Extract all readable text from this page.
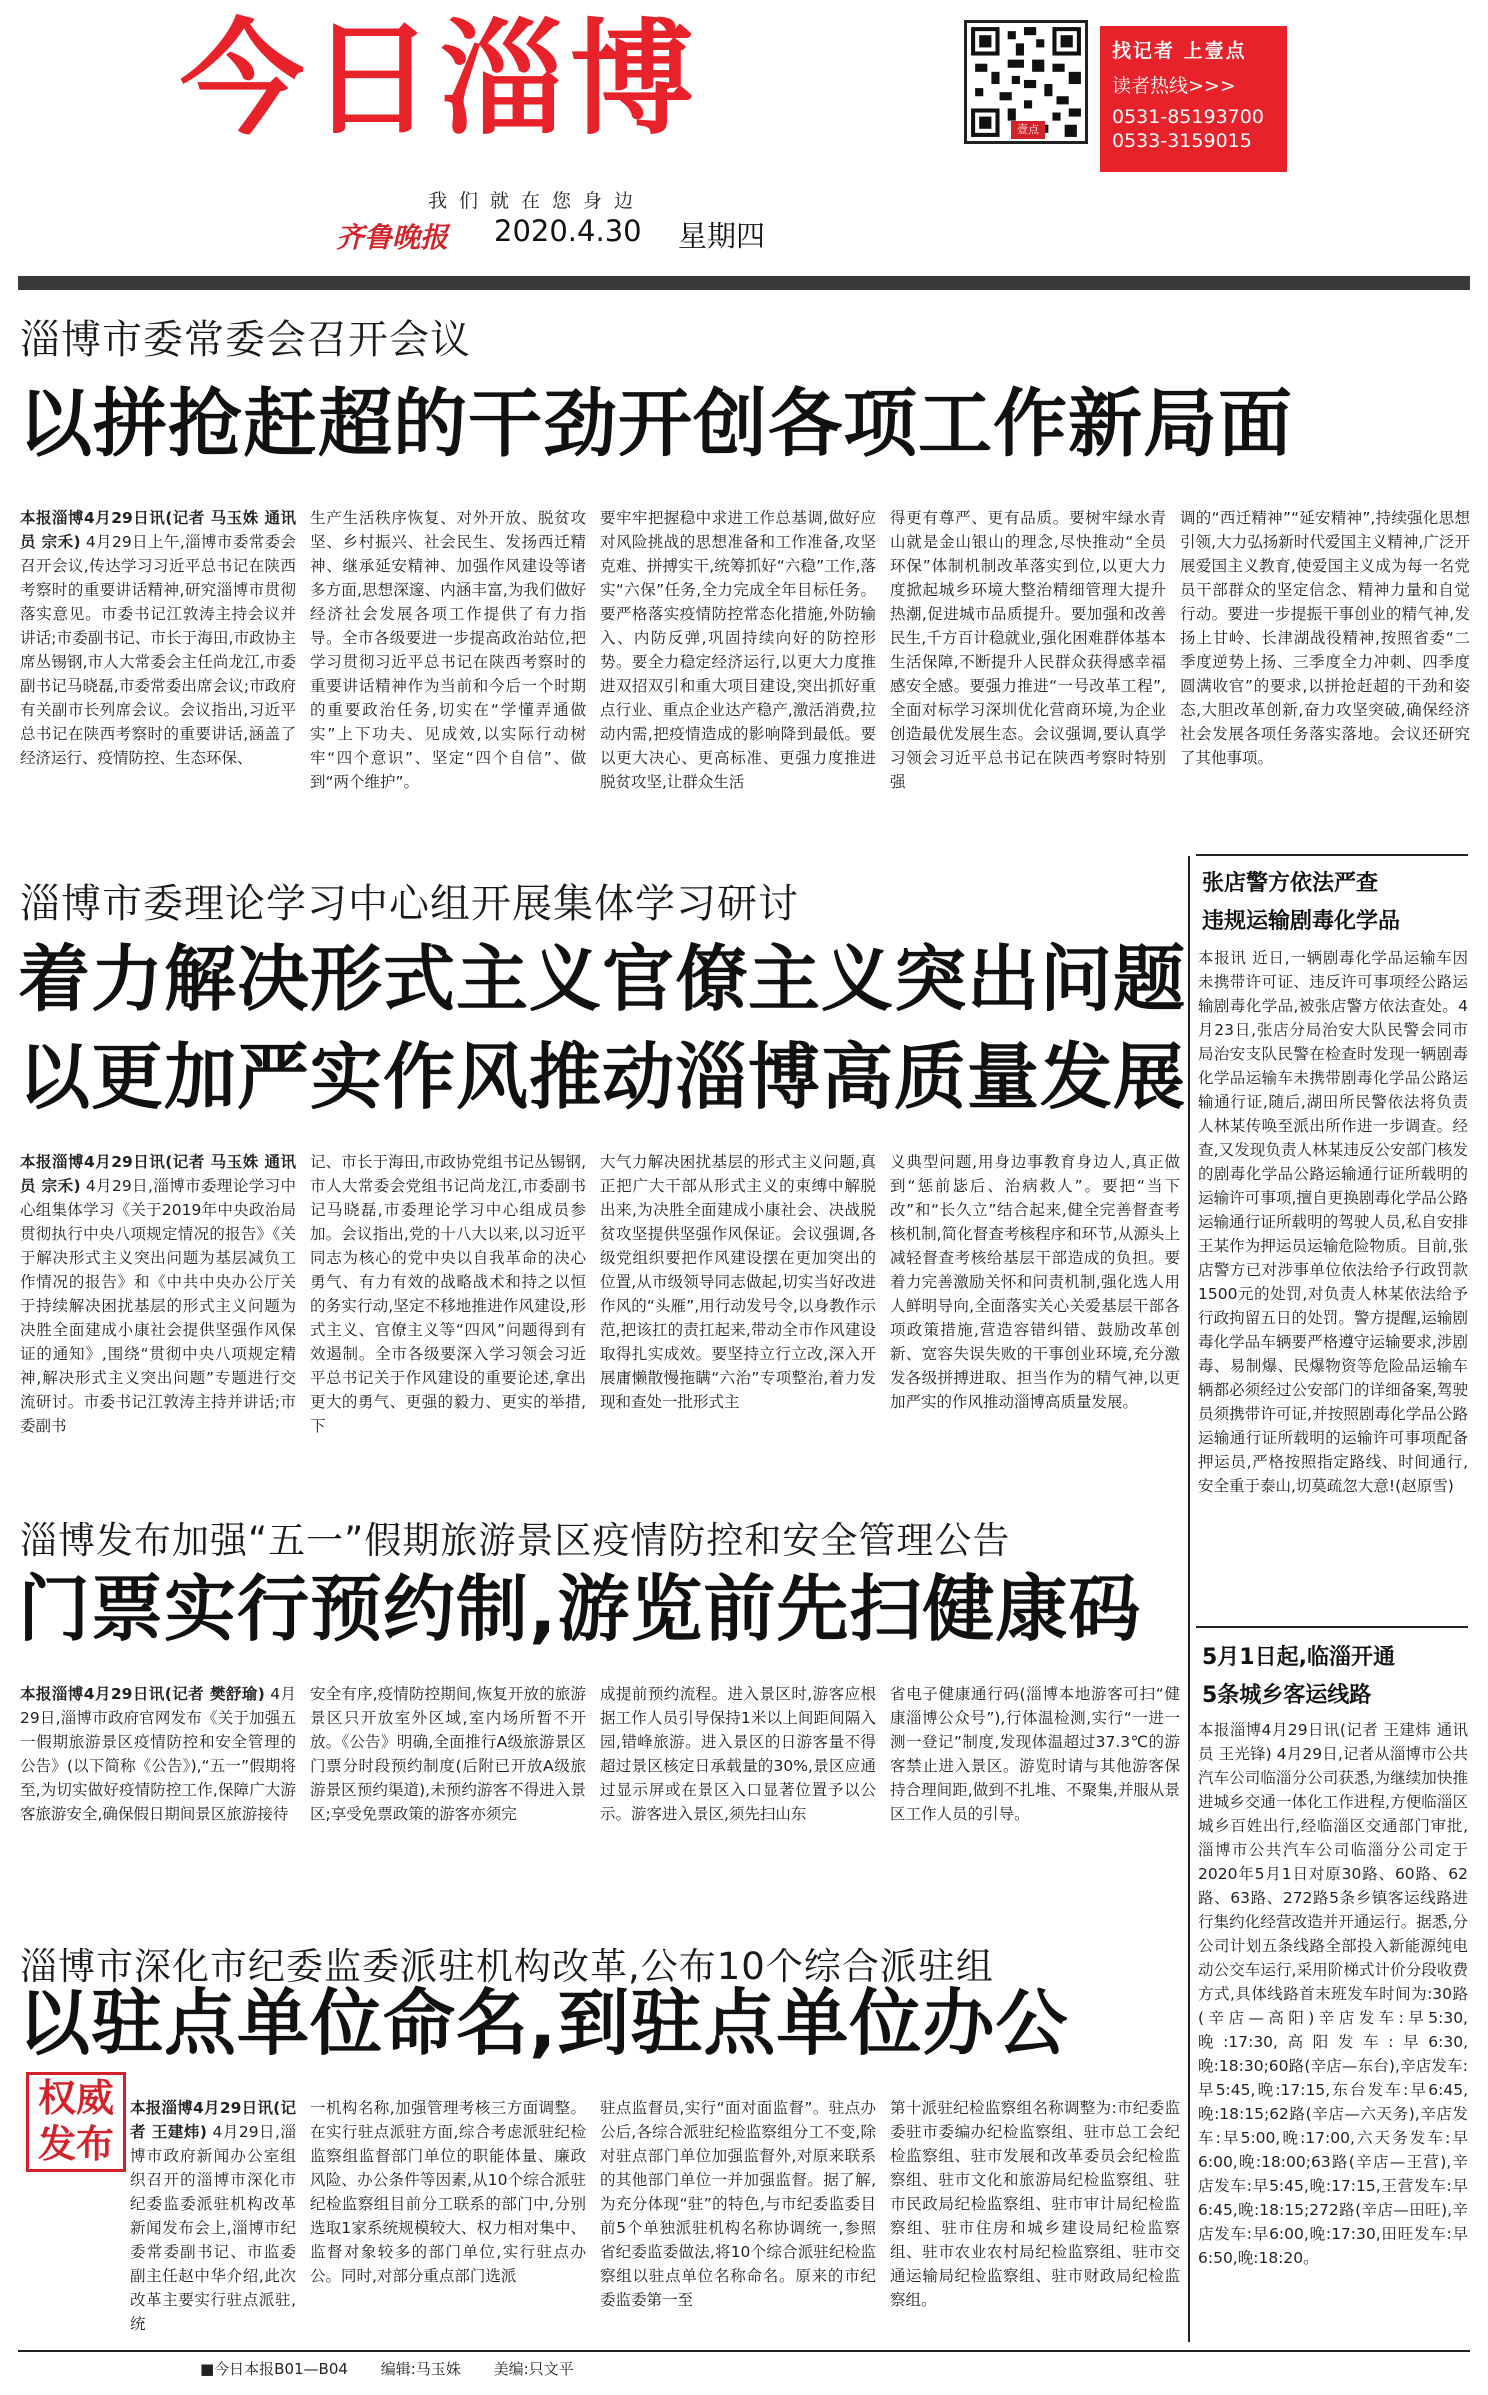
今日淄博
我们就在您身边
齐鲁晚报 2020.4.30 星期四
壹点
找记者 上壹点
读者热线>>>
0531-85193700
0533-3159015
淄博市委常委会召开会议
以拼抢赶超的干劲开创各项工作新局面
本报淄博4月29日讯(记者 马玉姝 通讯员 宗禾) 4月29日上午,淄博市委常委会召开会议,传达学习习近平总书记在陕西考察时的重要讲话精神,研究淄博市贯彻落实意见。市委书记江敦涛主持会议并讲话;市委副书记、市长于海田,市政协主席丛锡钢,市人大常委会主任尚龙江,市委副书记马晓磊,市委常委出席会议;市政府有关副市长列席会议。会议指出,习近平总书记在陕西考察时的重要讲话,涵盖了经济运行、疫情防控、生态环保、
生产生活秩序恢复、对外开放、脱贫攻坚、乡村振兴、社会民生、发扬西迁精神、继承延安精神、加强作风建设等诸多方面,思想深邃、内涵丰富,为我们做好经济社会发展各项工作提供了有力指导。全市各级要进一步提高政治站位,把学习贯彻习近平总书记在陕西考察时的重要讲话精神作为当前和今后一个时期的重要政治任务,切实在“学懂弄通做实”上下功夫、见成效,以实际行动树牢“四个意识”、坚定“四个自信”、做到“两个维护”。
要牢牢把握稳中求进工作总基调,做好应对风险挑战的思想准备和工作准备,攻坚克难、拼搏实干,统筹抓好“六稳”工作,落实“六保”任务,全力完成全年目标任务。要严格落实疫情防控常态化措施,外防输入、内防反弹,巩固持续向好的防控形势。要全力稳定经济运行,以更大力度推进双招双引和重大项目建设,突出抓好重点行业、重点企业达产稳产,激活消费,拉动内需,把疫情造成的影响降到最低。要以更大决心、更高标准、更强力度推进脱贫攻坚,让群众生活
得更有尊严、更有品质。要树牢绿水青山就是金山银山的理念,尽快推动“全员环保”体制机制改革落实到位,以更大力度掀起城乡环境大整治精细管理大提升热潮,促进城市品质提升。要加强和改善民生,千方百计稳就业,强化困难群体基本生活保障,不断提升人民群众获得感幸福感安全感。要强力推进“一号改革工程”,全面对标学习深圳优化营商环境,为企业创造最优发展生态。会议强调,要认真学习领会习近平总书记在陕西考察时特别强
调的“西迁精神”“延安精神”,持续强化思想引领,大力弘扬新时代爱国主义精神,广泛开展爱国主义教育,使爱国主义成为每一名党员干部群众的坚定信念、精神力量和自觉行动。要进一步提振干事创业的精气神,发扬上甘岭、长津湖战役精神,按照省委“二季度逆势上扬、三季度全力冲刺、四季度圆满收官”的要求,以拼抢赶超的干劲和姿态,大胆改革创新,奋力攻坚突破,确保经济社会发展各项任务落实落地。会议还研究了其他事项。
淄博市委理论学习中心组开展集体学习研讨
着力解决形式主义官僚主义突出问题
以更加严实作风推动淄博高质量发展
本报淄博4月29日讯(记者 马玉姝 通讯员 宗禾) 4月29日,淄博市委理论学习中心组集体学习《关于2019年中央政治局贯彻执行中央八项规定情况的报告》《关于解决形式主义突出问题为基层减负工作情况的报告》和《中共中央办公厅关于持续解决困扰基层的形式主义问题为决胜全面建成小康社会提供坚强作风保证的通知》,围绕“贯彻中央八项规定精神,解决形式主义突出问题”专题进行交流研讨。市委书记江敦涛主持并讲话;市委副书
记、市长于海田,市政协党组书记丛锡钢,市人大常委会党组书记尚龙江,市委副书记马晓磊,市委理论学习中心组成员参加。会议指出,党的十八大以来,以习近平同志为核心的党中央以自我革命的决心勇气、有力有效的战略战术和持之以恒的务实行动,坚定不移地推进作风建设,形式主义、官僚主义等“四风”问题得到有效遏制。全市各级要深入学习领会习近平总书记关于作风建设的重要论述,拿出更大的勇气、更强的毅力、更实的举措,下
大气力解决困扰基层的形式主义问题,真正把广大干部从形式主义的束缚中解脱出来,为决胜全面建成小康社会、决战脱贫攻坚提供坚强作风保证。会议强调,各级党组织要把作风建设摆在更加突出的位置,从市级领导同志做起,切实当好改进作风的“头雁”,用行动发号令,以身教作示范,把该扛的责扛起来,带动全市作风建设取得扎实成效。要坚持立行立改,深入开展庸懒散慢拖瞒“六治”专项整治,着力发现和查处一批形式主
义典型问题,用身边事教育身边人,真正做到“惩前毖后、治病救人”。要把“当下改”和“长久立”结合起来,健全完善督查考核机制,简化督查考核程序和环节,从源头上减轻督查考核给基层干部造成的负担。要着力完善激励关怀和问责机制,强化选人用人鲜明导向,全面落实关心关爱基层干部各项政策措施,营造容错纠错、鼓励改革创新、宽容失误失败的干事创业环境,充分激发各级拼搏进取、担当作为的精气神,以更加严实的作风推动淄博高质量发展。
淄博发布加强“五一”假期旅游景区疫情防控和安全管理公告
门票实行预约制,游览前先扫健康码
本报淄博4月29日讯(记者 樊舒瑜) 4月29日,淄博市政府官网发布《关于加强五一假期旅游景区疫情防控和安全管理的公告》(以下简称《公告》),“五一”假期将至,为切实做好疫情防控工作,保障广大游客旅游安全,确保假日期间景区旅游接待
安全有序,疫情防控期间,恢复开放的旅游景区只开放室外区域,室内场所暂不开放。《公告》明确,全面推行A级旅游景区门票分时段预约制度(后附已开放A级旅游景区预约渠道),未预约游客不得进入景区;享受免票政策的游客亦须完
成提前预约流程。进入景区时,游客应根据工作人员引导保持1米以上间距间隔入园,错峰旅游。进入景区的日游客量不得超过景区核定日承载量的30%,景区应通过显示屏或在景区入口显著位置予以公示。游客进入景区,须先扫山东
省电子健康通行码(淄博本地游客可扫“健康淄博公众号”),行体温检测,实行“一进一测一登记”制度,发现体温超过37.3℃的游客禁止进入景区。游览时请与其他游客保持合理间距,做到不扎堆、不聚集,并服从景区工作人员的引导。
淄博市深化市纪委监委派驻机构改革,公布10个综合派驻组
以驻点单位命名,到驻点单位办公
权威发布
本报淄博4月29日讯(记者 王建炜) 4月29日,淄博市政府新闻办公室组织召开的淄博市深化市纪委监委派驻机构改革新闻发布会上,淄博市纪委常委副书记、市监委副主任赵中华介绍,此次改革主要实行驻点派驻,统
一机构名称,加强管理考核三方面调整。在实行驻点派驻方面,综合考虑派驻纪检监察组监督部门单位的职能体量、廉政风险、办公条件等因素,从10个综合派驻纪检监察组目前分工联系的部门中,分别选取1家系统规模较大、权力相对集中、监督对象较多的部门单位,实行驻点办公。同时,对部分重点部门选派
驻点监督员,实行“面对面监督”。驻点办公后,各综合派驻纪检监察组分工不变,除对驻点部门单位加强监督外,对原来联系的其他部门单位一并加强监督。据了解,为充分体现“驻”的特色,与市纪委监委目前5个单独派驻机构名称协调统一,参照省纪委监委做法,将10个综合派驻纪检监察组以驻点单位名称命名。原来的市纪委监委第一至
第十派驻纪检监察组名称调整为:市纪委监委驻市委编办纪检监察组、驻市总工会纪检监察组、驻市发展和改革委员会纪检监察组、驻市文化和旅游局纪检监察组、驻市民政局纪检监察组、驻市审计局纪检监察组、驻市住房和城乡建设局纪检监察组、驻市农业农村局纪检监察组、驻市交通运输局纪检监察组、驻市财政局纪检监察组。
张店警方依法严查
违规运输剧毒化学品
本报讯 近日,一辆剧毒化学品运输车因未携带许可证、违反许可事项经公路运输剧毒化学品,被张店警方依法查处。4月23日,张店分局治安大队民警会同市局治安支队民警在检查时发现一辆剧毒化学品运输车未携带剧毒化学品公路运输通行证,随后,湖田所民警依法将负责人林某传唤至派出所作进一步调查。经查,又发现负责人林某违反公安部门核发的剧毒化学品公路运输通行证所载明的运输许可事项,擅自更换剧毒化学品公路运输通行证所载明的驾驶人员,私自安排王某作为押运员运输危险物质。目前,张店警方已对涉事单位依法给予行政罚款1500元的处罚,对负责人林某依法给予行政拘留五日的处罚。警方提醒,运输剧毒化学品车辆要严格遵守运输要求,涉剧毒、易制爆、民爆物资等危险品运输车辆都必须经过公安部门的详细备案,驾驶员须携带许可证,并按照剧毒化学品公路运输通行证所载明的运输许可事项配备押运员,严格按照指定路线、时间通行,安全重于泰山,切莫疏忽大意!(赵原雪)
5月1日起,临淄开通
5条城乡客运线路
本报淄博4月29日讯(记者 王建炜 通讯员 王光锋) 4月29日,记者从淄博市公共汽车公司临淄分公司获悉,为继续加快推进城乡交通一体化工作进程,方便临淄区城乡百姓出行,经临淄区交通部门审批,淄博市公共汽车公司临淄分公司定于2020年5月1日对原30路、60路、62路、63路、272路5条乡镇客运线路进行集约化经营改造并开通运行。据悉,分公司计划五条线路全部投入新能源纯电动公交车运行,采用阶梯式计价分段收费方式,具体线路首末班发车时间为:30路(辛店—高阳)辛店发车:早5:30,晚:17:30,高阳发车:早6:30,晚:18:30;60路(辛店—东台),辛店发车:早5:45,晚:17:15,东台发车:早6:45,晚:18:15;62路(辛店—六天务),辛店发车:早5:00,晚:17:00,六天务发车:早6:00,晚:18:00;63路(辛店—王营),辛店发车:早5:45,晚:17:15,王营发车:早6:45,晚:18:15;272路(辛店—田旺),辛店发车:早6:00,晚:17:30,田旺发车:早6:50,晚:18:20。
■今日本报B01—B04 编辑:马玉姝 美编:只文平
